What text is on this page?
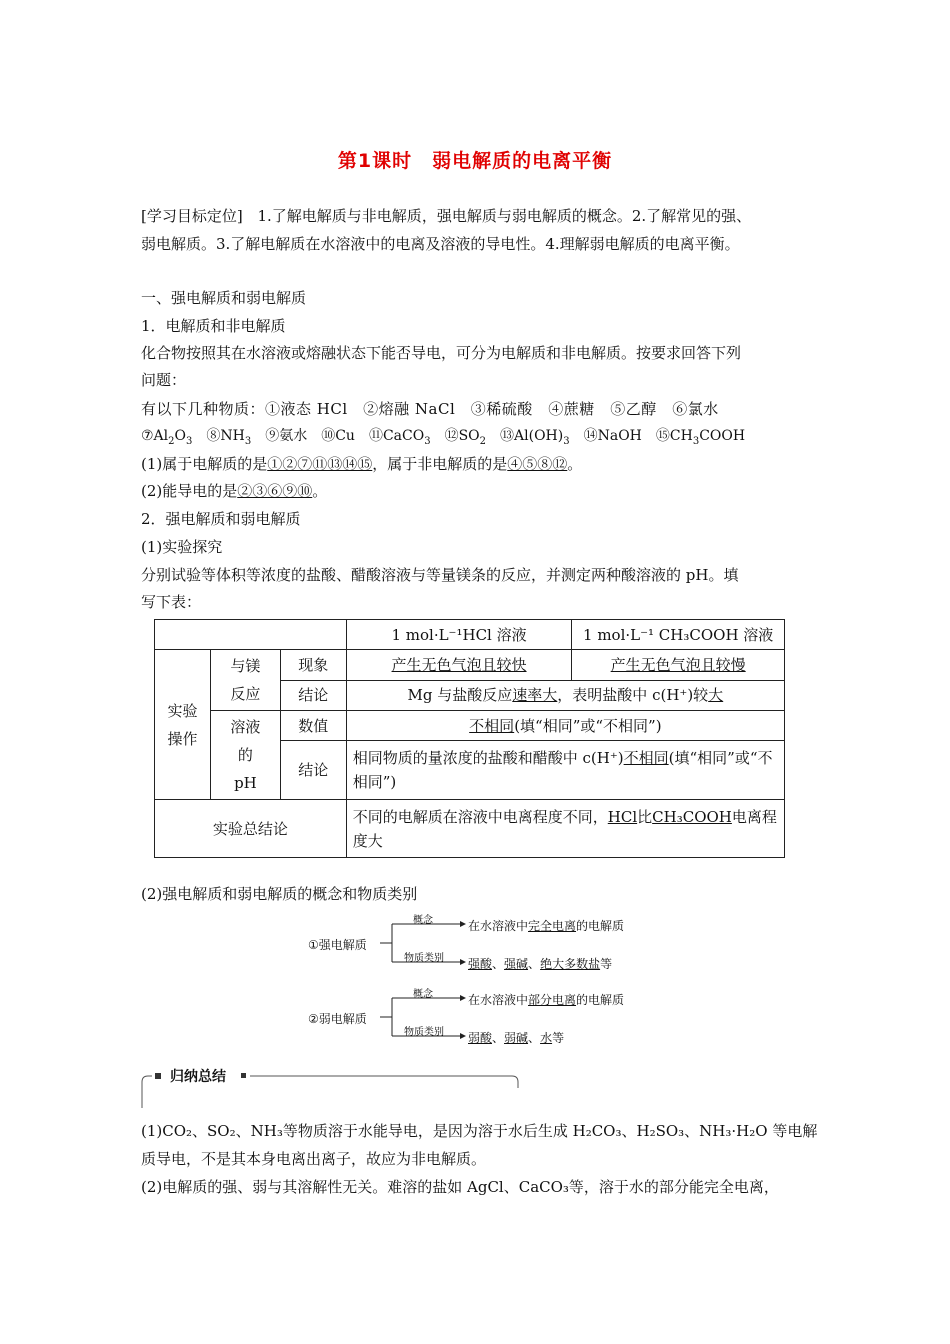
第1课时　弱电解质的电离平衡
[学习目标定位] 1.了解电解质与非电解质，强电解质与弱电解质的概念。2.了解常见的强、
弱电解质。3.了解电解质在水溶液中的电离及溶液的导电性。4.理解弱电解质的电离平衡。
一、强电解质和弱电解质
1．电解质和非电解质
化合物按照其在水溶液或熔融状态下能否导电，可分为电解质和非电解质。按要求回答下列
问题：
有以下几种物质：①液态 HCl　②熔融 NaCl　③稀硫酸　④蔗糖　⑤乙醇　⑥氯水
$⑦Al_2O_3$　$⑧NH_3$　⑨氨水　⑩Cu　⑪CaCO$_3$　$⑫SO_2$　$⑬Al(OH)_3$　⑭NaOH　$⑮CH_3COOH$
(1)属于电解质的是①②⑦⑪⑬⑭⑮，属于非电解质的是④⑤⑧⑫。
(2)能导电的是②③⑥⑨⑩。
2．强电解质和弱电解质
(1)实验探究
分别试验等体积等浓度的盐酸、醋酸溶液与等量镁条的反应，并测定两种酸溶液的 pH。填
写下表：
			1 mol·L⁻¹HCl 溶液	1 mol·L⁻¹ CH₃COOH 溶液
实验操作	与镁反应	现象	产生无色气泡且较快	产生无色气泡且较慢
		结论	Mg 与盐酸反应速率大，表明盐酸中 c(H⁺)较大	
	溶液的pH	数值	不相同(填“相同”或“不相同”)	
		结论	相同物质的量浓度的盐酸和醋酸中 c(H⁺)不相同(填“相同”或“不相同”)	
实验总结论			不同的电解质在溶液中电离程度不同，HCl比CH₃COOH电离程度大	
(2)强电解质和弱电解质的概念和物质类别
①强电解质
概念
物质类别
在水溶液中完全电离的电解质
强酸、强碱、绝大多数盐等
②弱电解质
概念
物质类别
在水溶液中部分电离的电解质
弱酸、弱碱、水等
归纳总结
(1)CO₂、SO₂、NH₃等物质溶于水能导电，是因为溶于水后生成 H₂CO₃、H₂SO₃、NH₃·H₂O 等电解
质导电，不是其本身电离出离子，故应为非电解质。
(2)电解质的强、弱与其溶解性无关。难溶的盐如 AgCl、CaCO₃等，溶于水的部分能完全电离，
